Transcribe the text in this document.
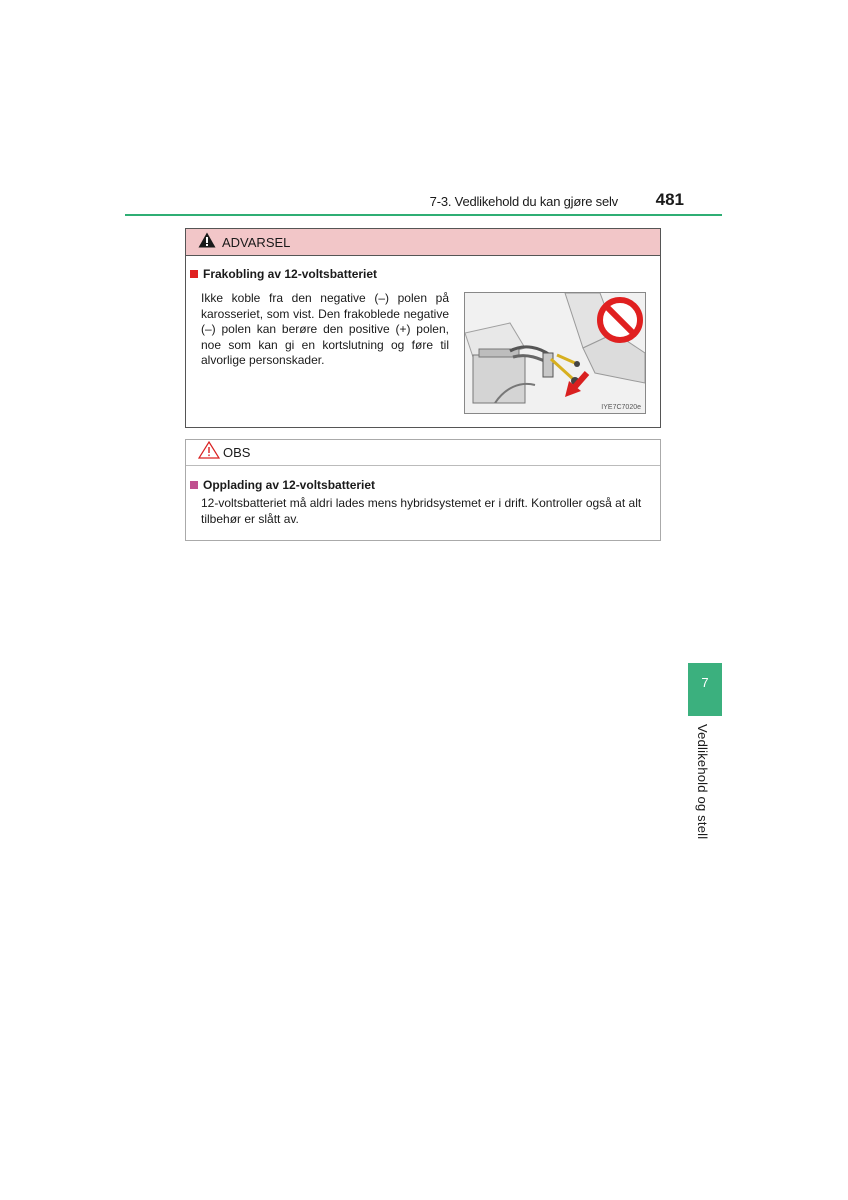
7-3. Vedlikehold du kan gjøre selv	481
ADVARSEL
Frakobling av 12-voltsbatteriet
Ikke koble fra den negative (–) polen på karosseriet, som vist. Den frakoblede negative (–) polen kan berøre den positive (+) polen, noe som kan gi en kortslutning og føre til alvorlige personskader.
IYE7C7020e
OBS
Opplading av 12-voltsbatteriet
12-voltsbatteriet må aldri lades mens hybridsystemet er i drift. Kontroller også at alt tilbehør er slått av.
7
Vedlikehold og stell
